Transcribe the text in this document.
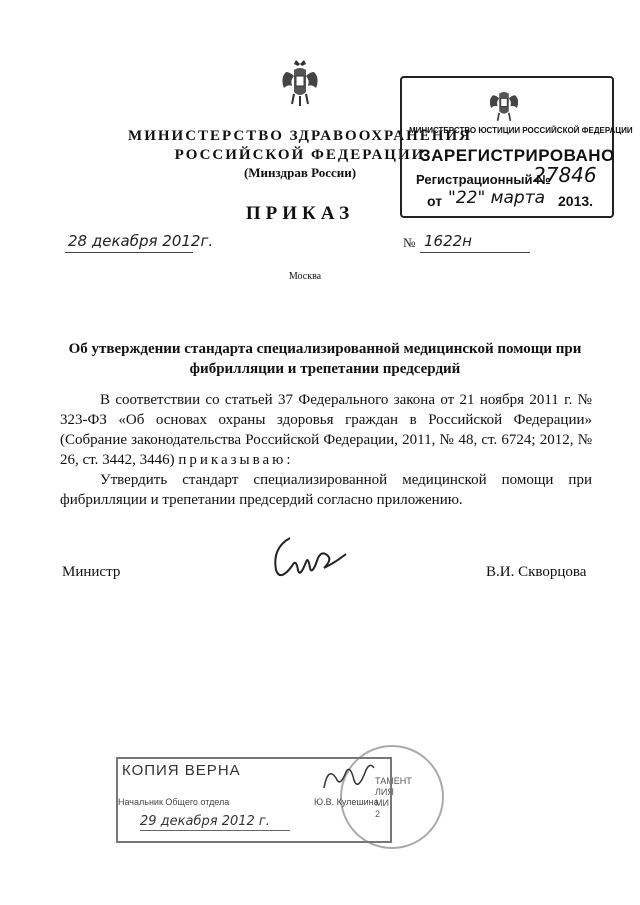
МИНИСТЕРСТВО ЗДРАВООХРАНЕНИЯ
РОССИЙСКОЙ ФЕДЕРАЦИИ
(Минздрав России)
ПРИКАЗ
28 декабря 2012г.	№ 1622н
Москва
Об утверждении стандарта специализированной медицинской помощи при фибрилляции и трепетании предсердий

В соответствии со статьей 37 Федерального закона от 21 ноября 2011 г. № 323-ФЗ «Об основах охраны здоровья граждан в Российской Федерации» (Собрание законодательства Российской Федерации, 2011, № 48, ст. 6724; 2012, № 26, ст. 3442, 3446) приказываю:

Утвердить стандарт специализированной медицинской помощи при фибрилляции и трепетании предсердий согласно приложению.

Министр	В.И. Скворцова
МИНИСТЕРСТВО ЮСТИЦИИ РОССИЙСКОЙ ФЕДЕРАЦИИ
ЗАРЕГИСТРИРОВАНО
Регистрационный №
27846
от "22" марта 2013.
ТАМЕНТ
ЛИЯ
МИ
2
КОПИЯ ВЕРНА
Начальник Общего отдела	Ю.В. Кулешина
29 декабря 2012 г.
